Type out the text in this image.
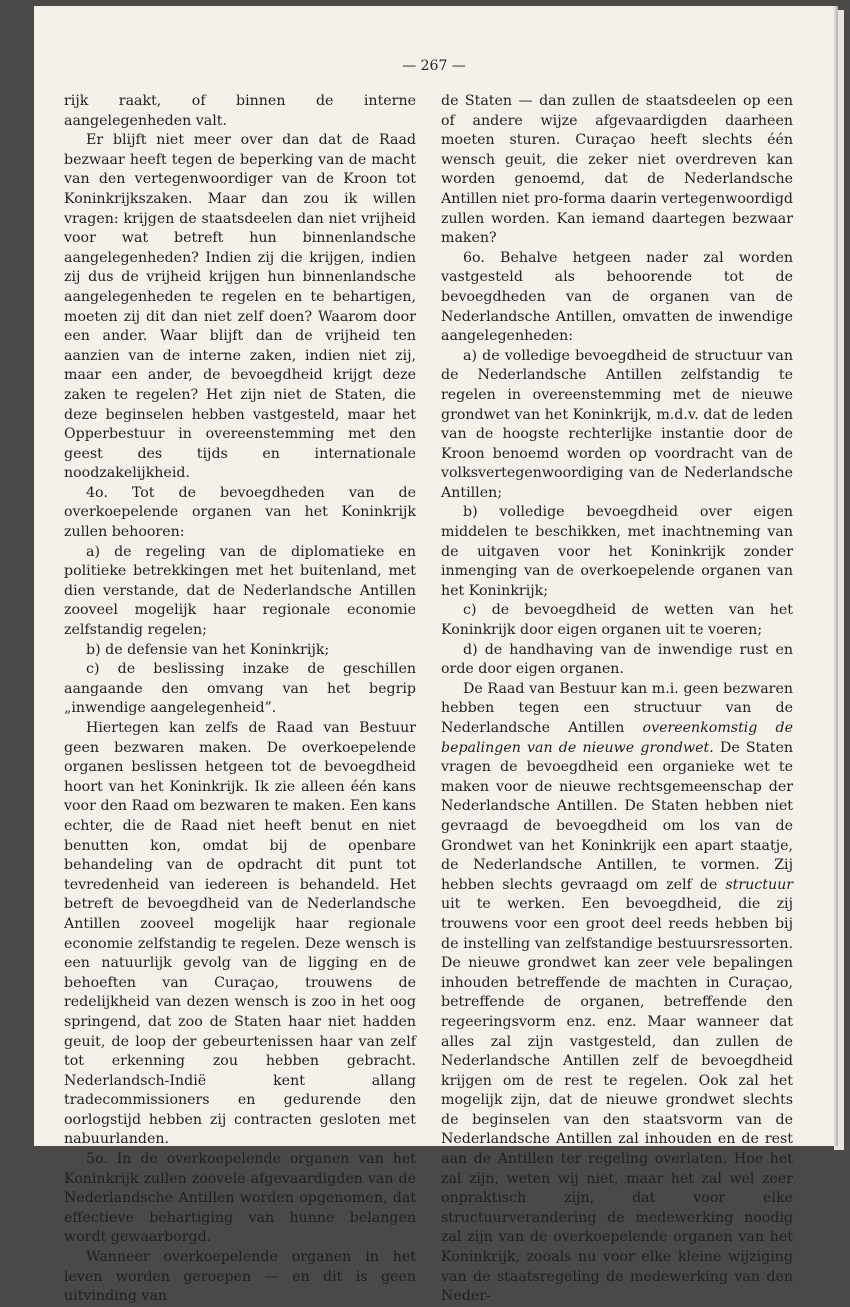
— 267 —

rijk raakt, of binnen de interne aangelegenheden valt.

Er blijft niet meer over dan dat de Raad bezwaar heeft tegen de beperking van de macht van den vertegenwoordiger van de Kroon tot Koninkrijkszaken. Maar dan zou ik willen vragen: krijgen de staatsdeelen dan niet vrijheid voor wat betreft hun binnenlandsche aangelegenheden? Indien zij die krijgen, indien zij dus de vrijheid krijgen hun binnenlandsche aangelegenheden te regelen en te behartigen, moeten zij dit dan niet zelf doen? Waarom door een ander. Waar blijft dan de vrijheid ten aanzien van de interne zaken, indien niet zij, maar een ander, de bevoegdheid krijgt deze zaken te regelen? Het zijn niet de Staten, die deze beginselen hebben vastgesteld, maar het Opperbestuur in overeenstemming met den geest des tijds en internationale noodzakelijkheid.

4o. Tot de bevoegdheden van de overkoepelende organen van het Koninkrijk zullen behooren:

a) de regeling van de diplomatieke en politieke betrekkingen met het buitenland, met dien verstande, dat de Nederlandsche Antillen zooveel mogelijk haar regionale economie zelfstandig regelen;

b) de defensie van het Koninkrijk;

c) de beslissing inzake de geschillen aangaande den omvang van het begrip „inwendige aangelegenheid”.

Hiertegen kan zelfs de Raad van Bestuur geen bezwaren maken. De overkoepelende organen beslissen hetgeen tot de bevoegdheid hoort van het Koninkrijk. Ik zie alleen één kans voor den Raad om bezwaren te maken. Een kans echter, die de Raad niet heeft benut en niet benutten kon, omdat bij de openbare behandeling van de opdracht dit punt tot tevredenheid van iedereen is behandeld. Het betreft de bevoegdheid van de Nederlandsche Antillen zooveel mogelijk haar regionale economie zelfstandig te regelen. Deze wensch is een natuurlijk gevolg van de ligging en de behoeften van Curaçao, trouwens de redelijkheid van dezen wensch is zoo in het oog springend, dat zoo de Staten haar niet hadden geuit, de loop der gebeurtenissen haar van zelf tot erkenning zou hebben gebracht. Nederlandsch-Indië kent allang tradecommissioners en gedurende den oorlogstijd hebben zij contracten gesloten met nabuurlanden.

5o. In de overkoepelende organen van het Koninkrijk zullen zoovele afgevaardigden van de Nederlandsche Antillen worden opgenomen, dat effectieve behartiging van hunne belangen wordt gewaarborgd.

Wanneer overkoepelende organen in het leven worden geroepen — en dit is geen uitvinding van

de Staten — dan zullen de staatsdeelen op een of andere wijze afgevaardigden daarheen moeten sturen. Curaçao heeft slechts één wensch geuit, die zeker niet overdreven kan worden genoemd, dat de Nederlandsche Antillen niet pro-forma daarin vertegenwoordigd zullen worden. Kan iemand daartegen bezwaar maken?

6o. Behalve hetgeen nader zal worden vastgesteld als behoorende tot de bevoegdheden van de organen van de Nederlandsche Antillen, omvatten de inwendige aangelegenheden:

a) de volledige bevoegdheid de structuur van de Nederlandsche Antillen zelfstandig te regelen in overeenstemming met de nieuwe grondwet van het Koninkrijk, m.d.v. dat de leden van de hoogste rechterlijke instantie door de Kroon benoemd worden op voordracht van de volksvertegenwoordiging van de Nederlandsche Antillen;

b) volledige bevoegdheid over eigen middelen te beschikken, met inachtneming van de uitgaven voor het Koninkrijk zonder inmenging van de overkoepelende organen van het Koninkrijk;

c) de bevoegdheid de wetten van het Koninkrijk door eigen organen uit te voeren;

d) de handhaving van de inwendige rust en orde door eigen organen.

De Raad van Bestuur kan m.i. geen bezwaren hebben tegen een structuur van de Nederlandsche Antillen overeenkomstig de bepalingen van de nieuwe grondwet. De Staten vragen de bevoegdheid een organieke wet te maken voor de nieuwe rechtsgemeenschap der Nederlandsche Antillen. De Staten hebben niet gevraagd de bevoegdheid om los van de Grondwet van het Koninkrijk een apart staatje, de Nederlandsche Antillen, te vormen. Zij hebben slechts gevraagd om zelf de structuur uit te werken. Een bevoegdheid, die zij trouwens voor een groot deel reeds hebben bij de instelling van zelfstandige bestuursressorten. De nieuwe grondwet kan zeer vele bepalingen inhouden betreffende de machten in Curaçao, betreffende de organen, betreffende den regeeringsvorm enz. enz. Maar wanneer dat alles zal zijn vastgesteld, dan zullen de Nederlandsche Antillen zelf de bevoegdheid krijgen om de rest te regelen. Ook zal het mogelijk zijn, dat de nieuwe grondwet slechts de beginselen van den staatsvorm van de Nederlandsche Antillen zal inhouden en de rest aan de Antillen ter regeling overlaten. Hoe het zal zijn, weten wij niet, maar het zal wel zeer onpraktisch zijn, dat voor elke structuurverandering de medewerking noodig zal zijn van de overkoepelende organen van het Koninkrijk, zooals nu voor elke kleine wijziging van de staatsregeling de medewerking van den Neder-
